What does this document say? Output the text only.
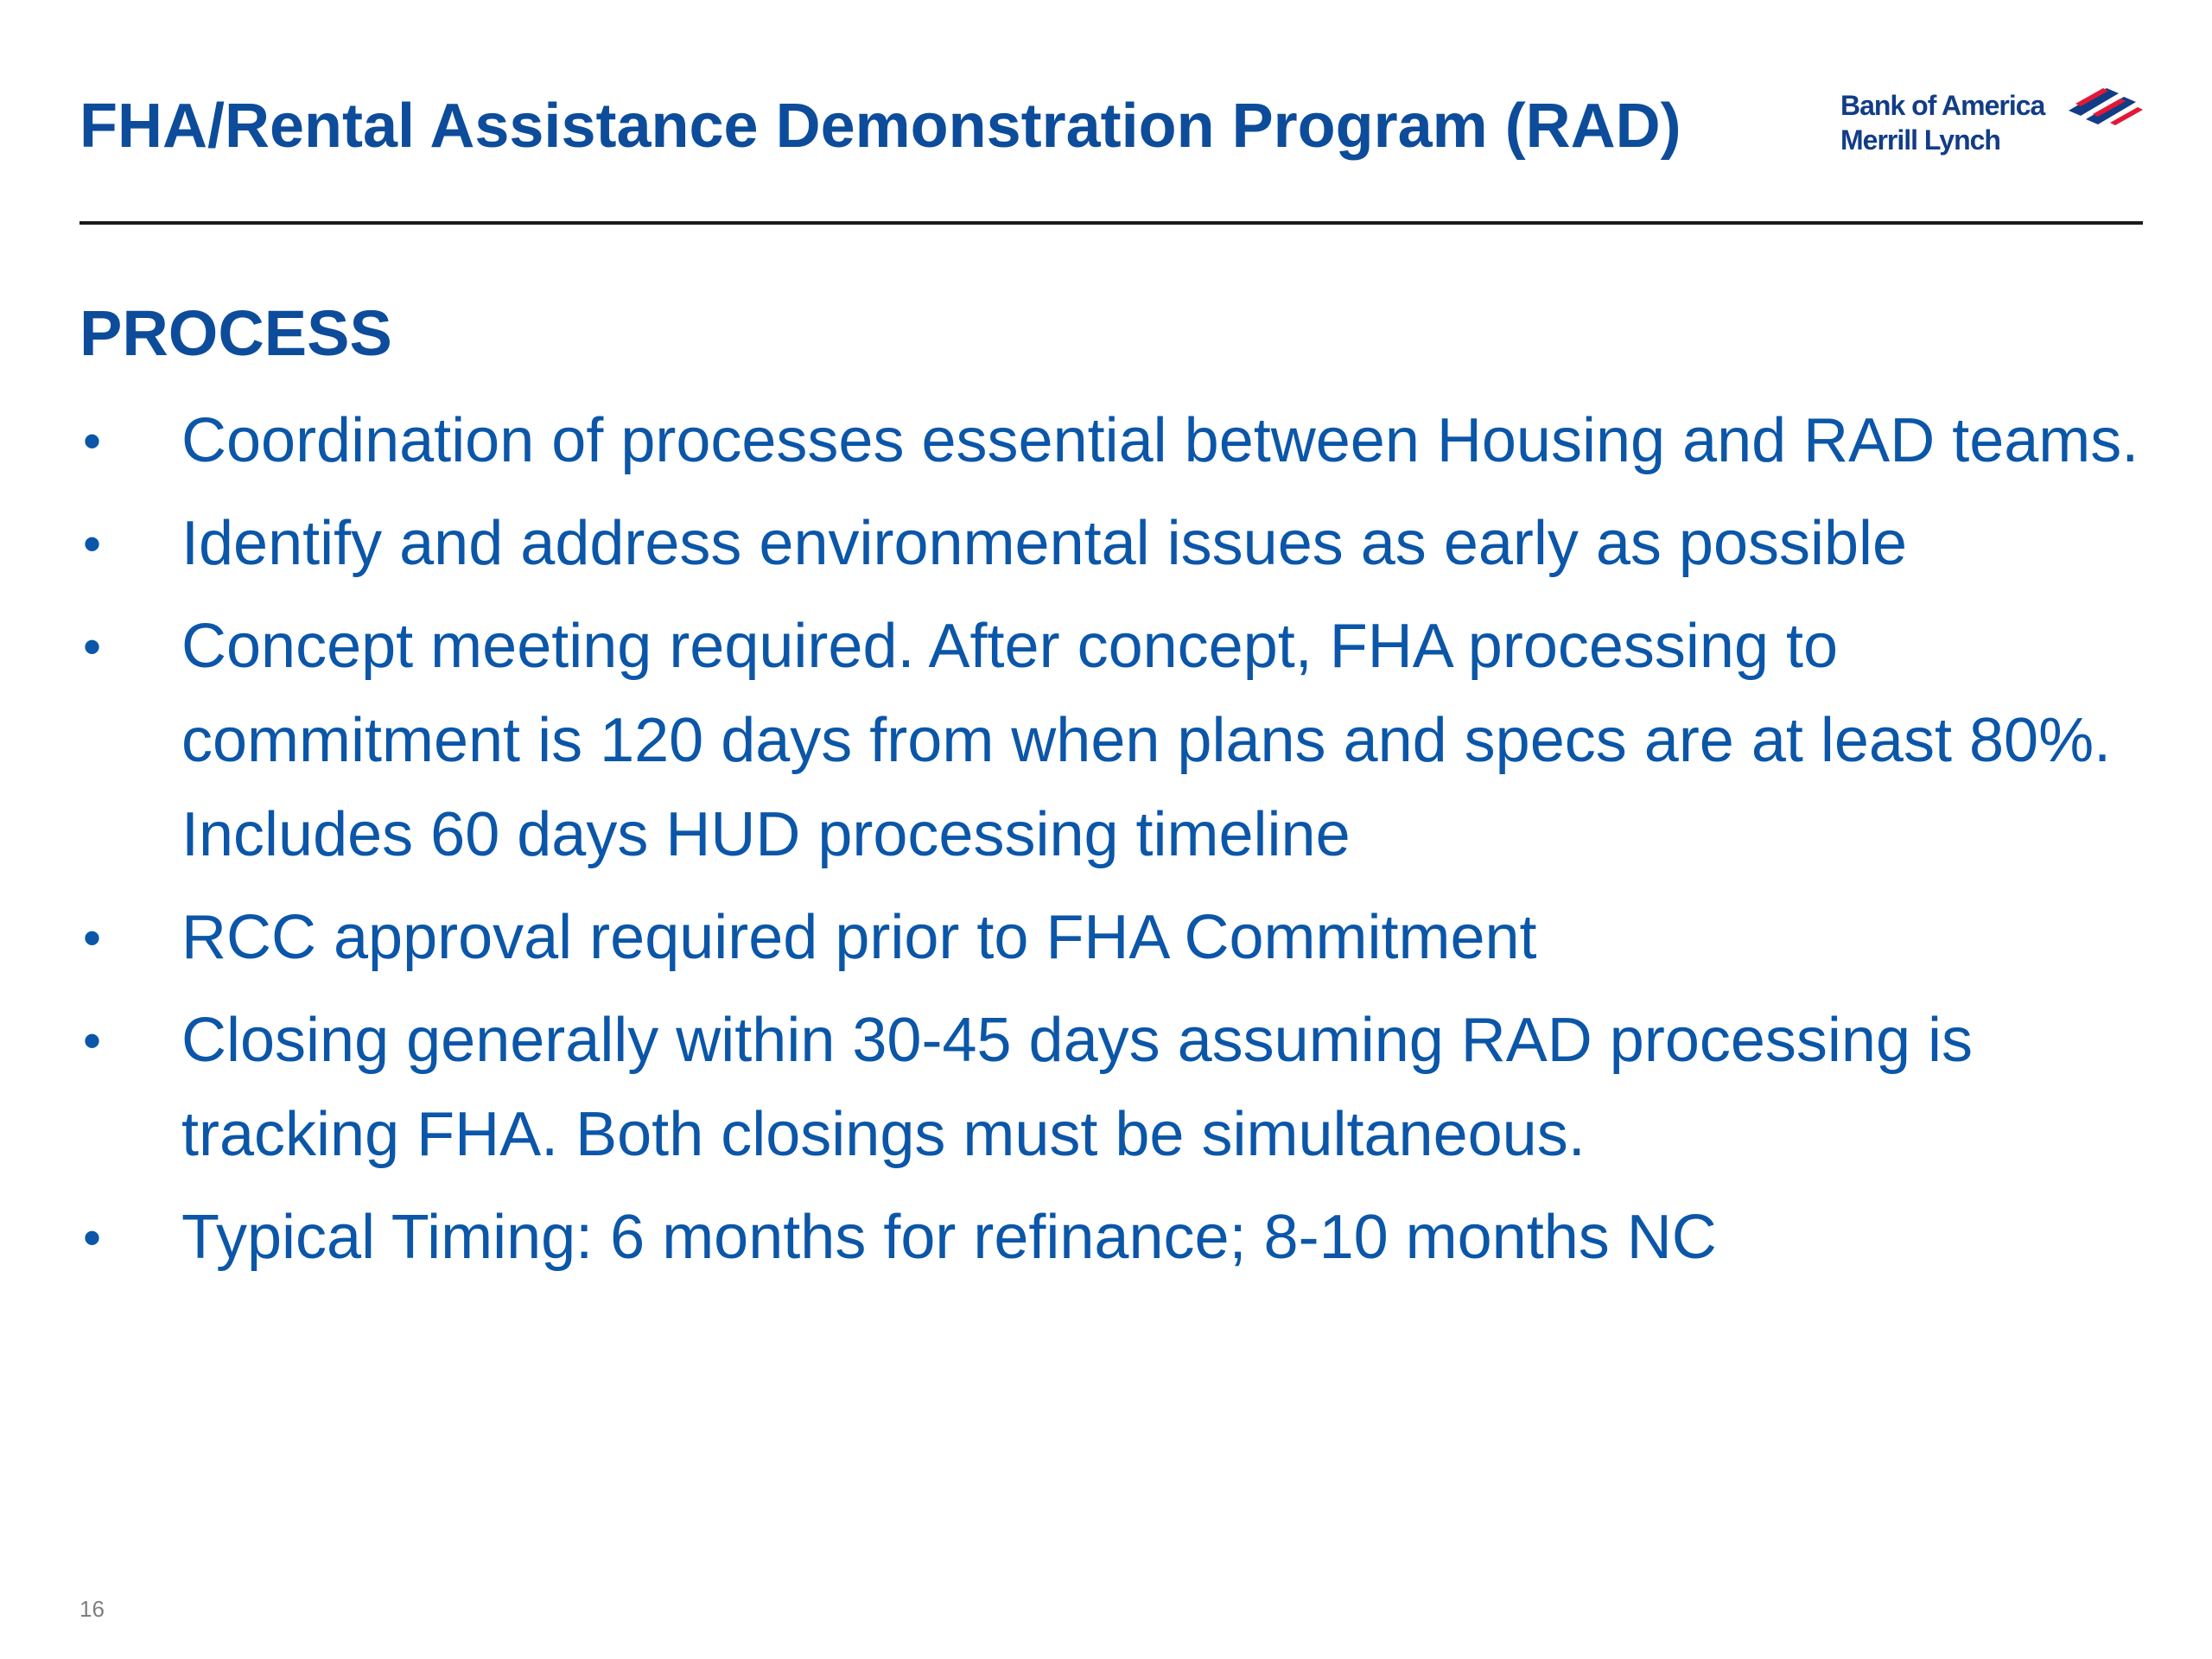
FHA/Rental Assistance Demonstration Program (RAD)	Bank of America
Merrill Lynch
PROCESS
• Coordination of processes essential between Housing and RAD teams.
• Identify and address environmental issues as early as possible
• Concept meeting required. After concept, FHA processing to commitment is 120 days from when plans and specs are at least 80%. Includes 60 days HUD processing timeline
• RCC approval required prior to FHA Commitment
• Closing generally within 30-45 days assuming RAD processing is tracking FHA. Both closings must be simultaneous.
• Typical Timing: 6 months for refinance; 8-10 months NC
16
